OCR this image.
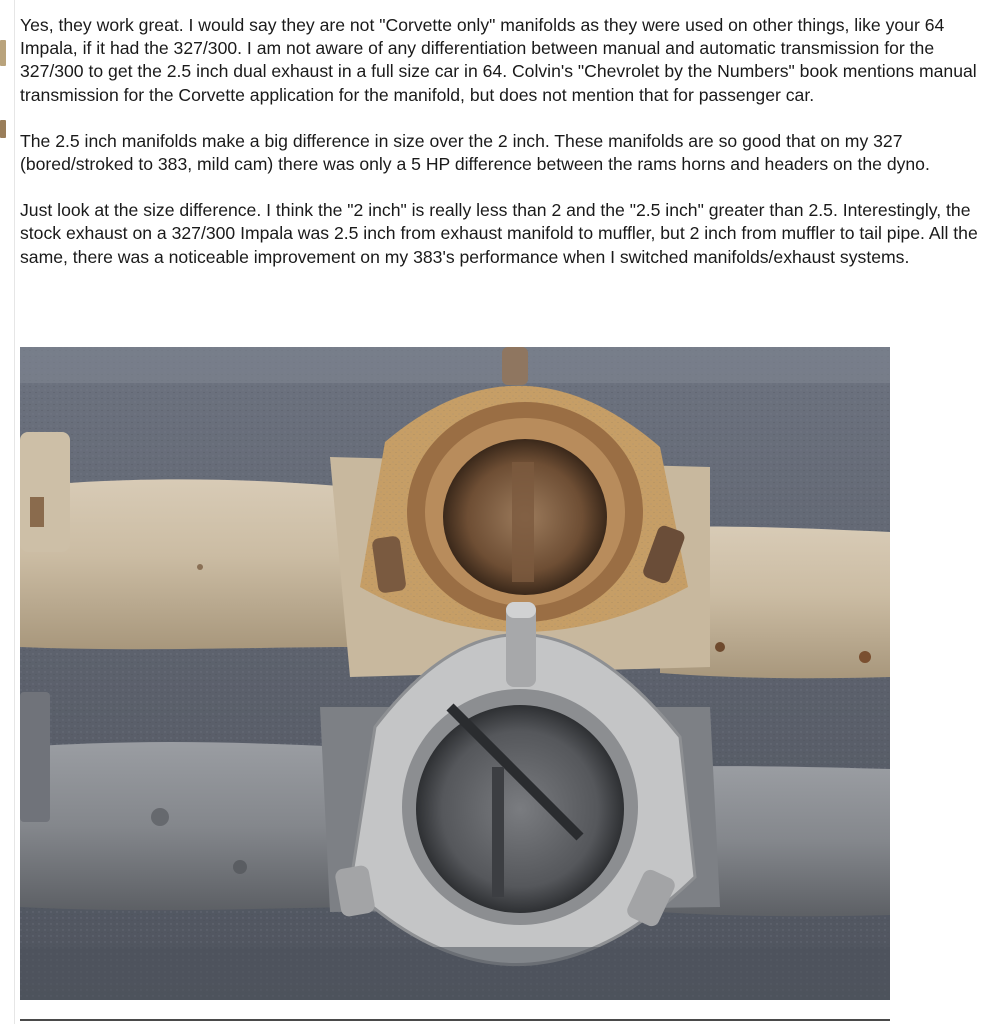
Yes, they work great. I would say they are not "Corvette only" manifolds as they were used on other things, like your 64 Impala, if it had the 327/300. I am not aware of any differentiation between manual and automatic transmission for the 327/300 to get the 2.5 inch dual exhaust in a full size car in 64. Colvin's "Chevrolet by the Numbers" book mentions manual transmission for the Corvette application for the manifold, but does not mention that for passenger car.

The 2.5 inch manifolds make a big difference in size over the 2 inch. These manifolds are so good that on my 327 (bored/stroked to 383, mild cam) there was only a 5 HP difference between the rams horns and headers on the dyno.

Just look at the size difference. I think the "2 inch" is really less than 2 and the "2.5 inch" greater than 2.5. Interestingly, the stock exhaust on a 327/300 Impala was 2.5 inch from exhaust manifold to muffler, but 2 inch from muffler to tail pipe. All the same, there was a noticeable improvement on my 383's performance when I switched manifolds/exhaust systems.
